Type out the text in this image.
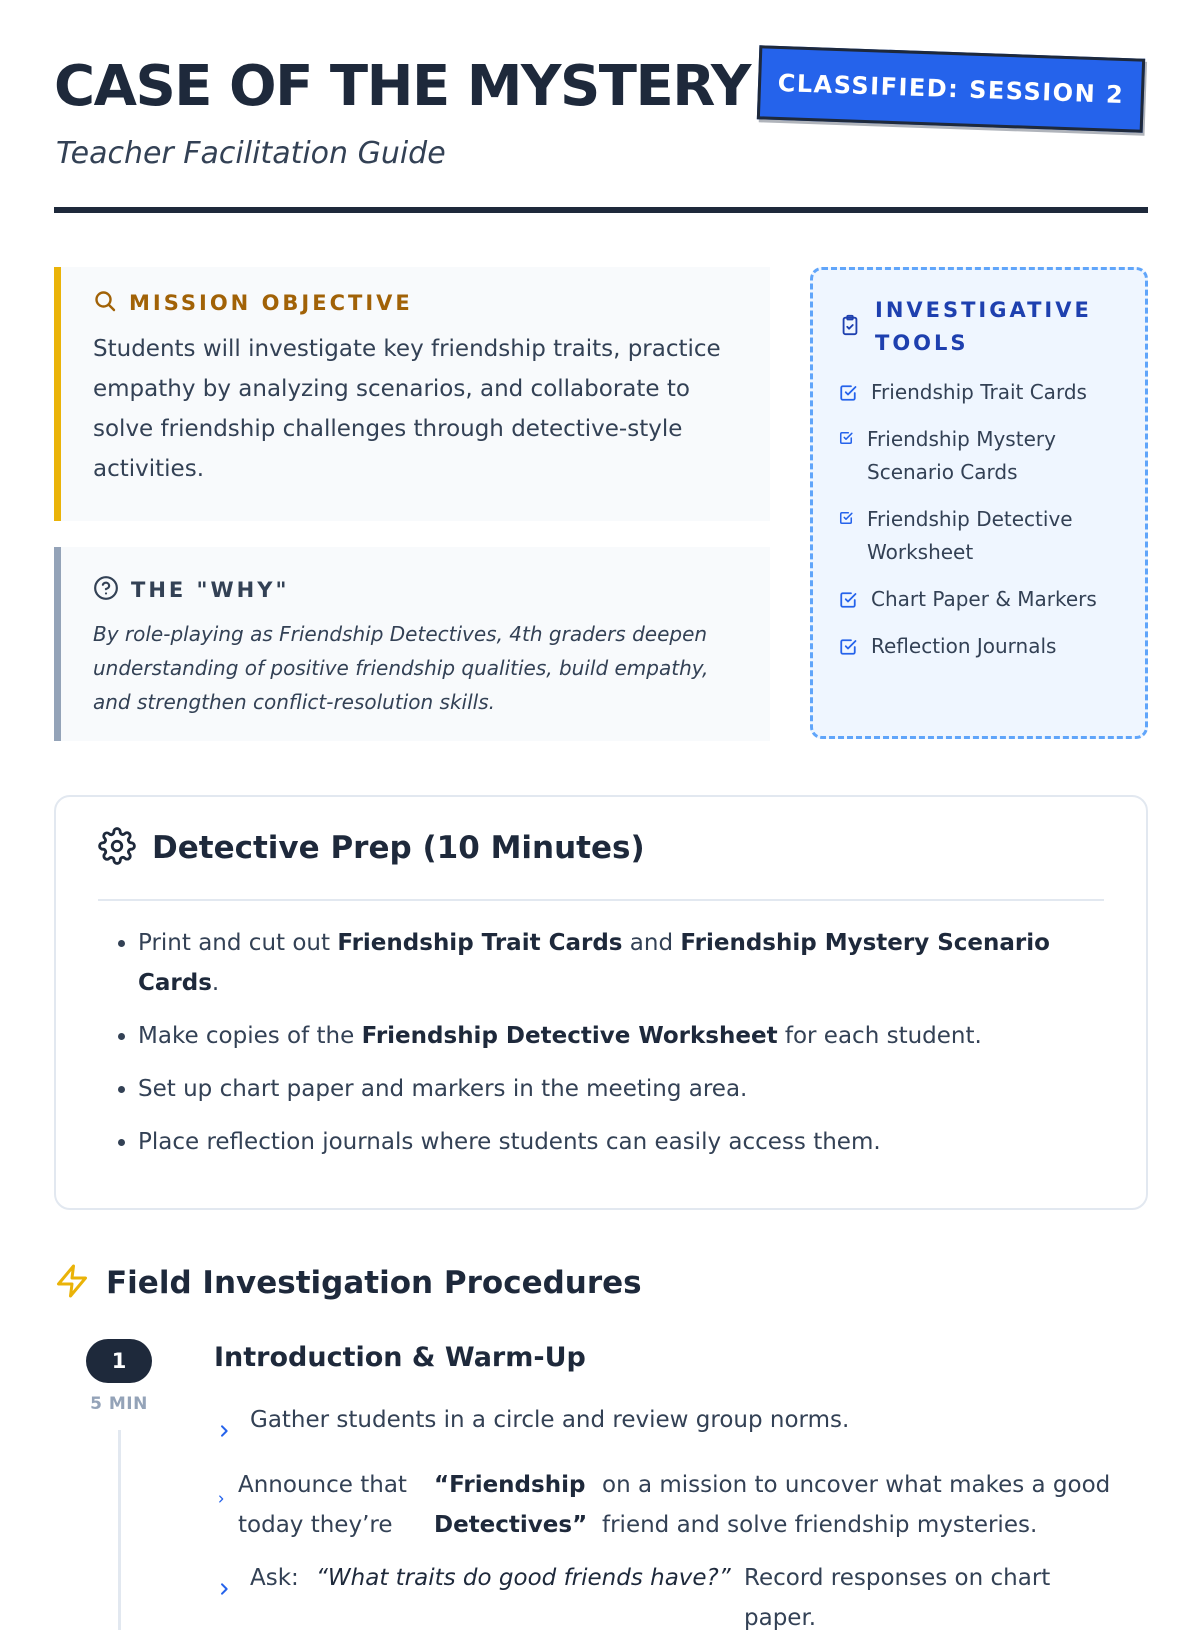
CASE OF THE MYSTERY	CLASSIFIED: SESSION 2
Teacher Facilitation Guide
MISSION OBJECTIVE

Students will investigate key friendship traits, practice empathy by analyzing scenarios, and collaborate to solve friendship challenges through detective-style activities.

THE "WHY"

By role-playing as Friendship Detectives, 4th graders deepen understanding of positive friendship qualities, build empathy, and strengthen conflict-resolution skills.

INVESTIGATIVE TOOLS
Friendship Trait Cards
Friendship Mystery Scenario Cards
Friendship Detective Worksheet
Chart Paper & Markers
Reflection Journals
Detective Prep (10 Minutes)
• Print and cut out Friendship Trait Cards and Friendship Mystery Scenario Cards.
• Make copies of the Friendship Detective Worksheet for each student.
• Set up chart paper and markers in the meeting area.
• Place reflection journals where students can easily access them.
Field Investigation Procedures
1
5 MIN
Introduction & Warm-Up
Gather students in a circle and review group norms.
Announce that today they’re
“Friendship Detectives”
on a mission to uncover what makes a good friend and solve friendship mysteries.
Ask: “What traits do good friends have?” Record responses on chart paper.
